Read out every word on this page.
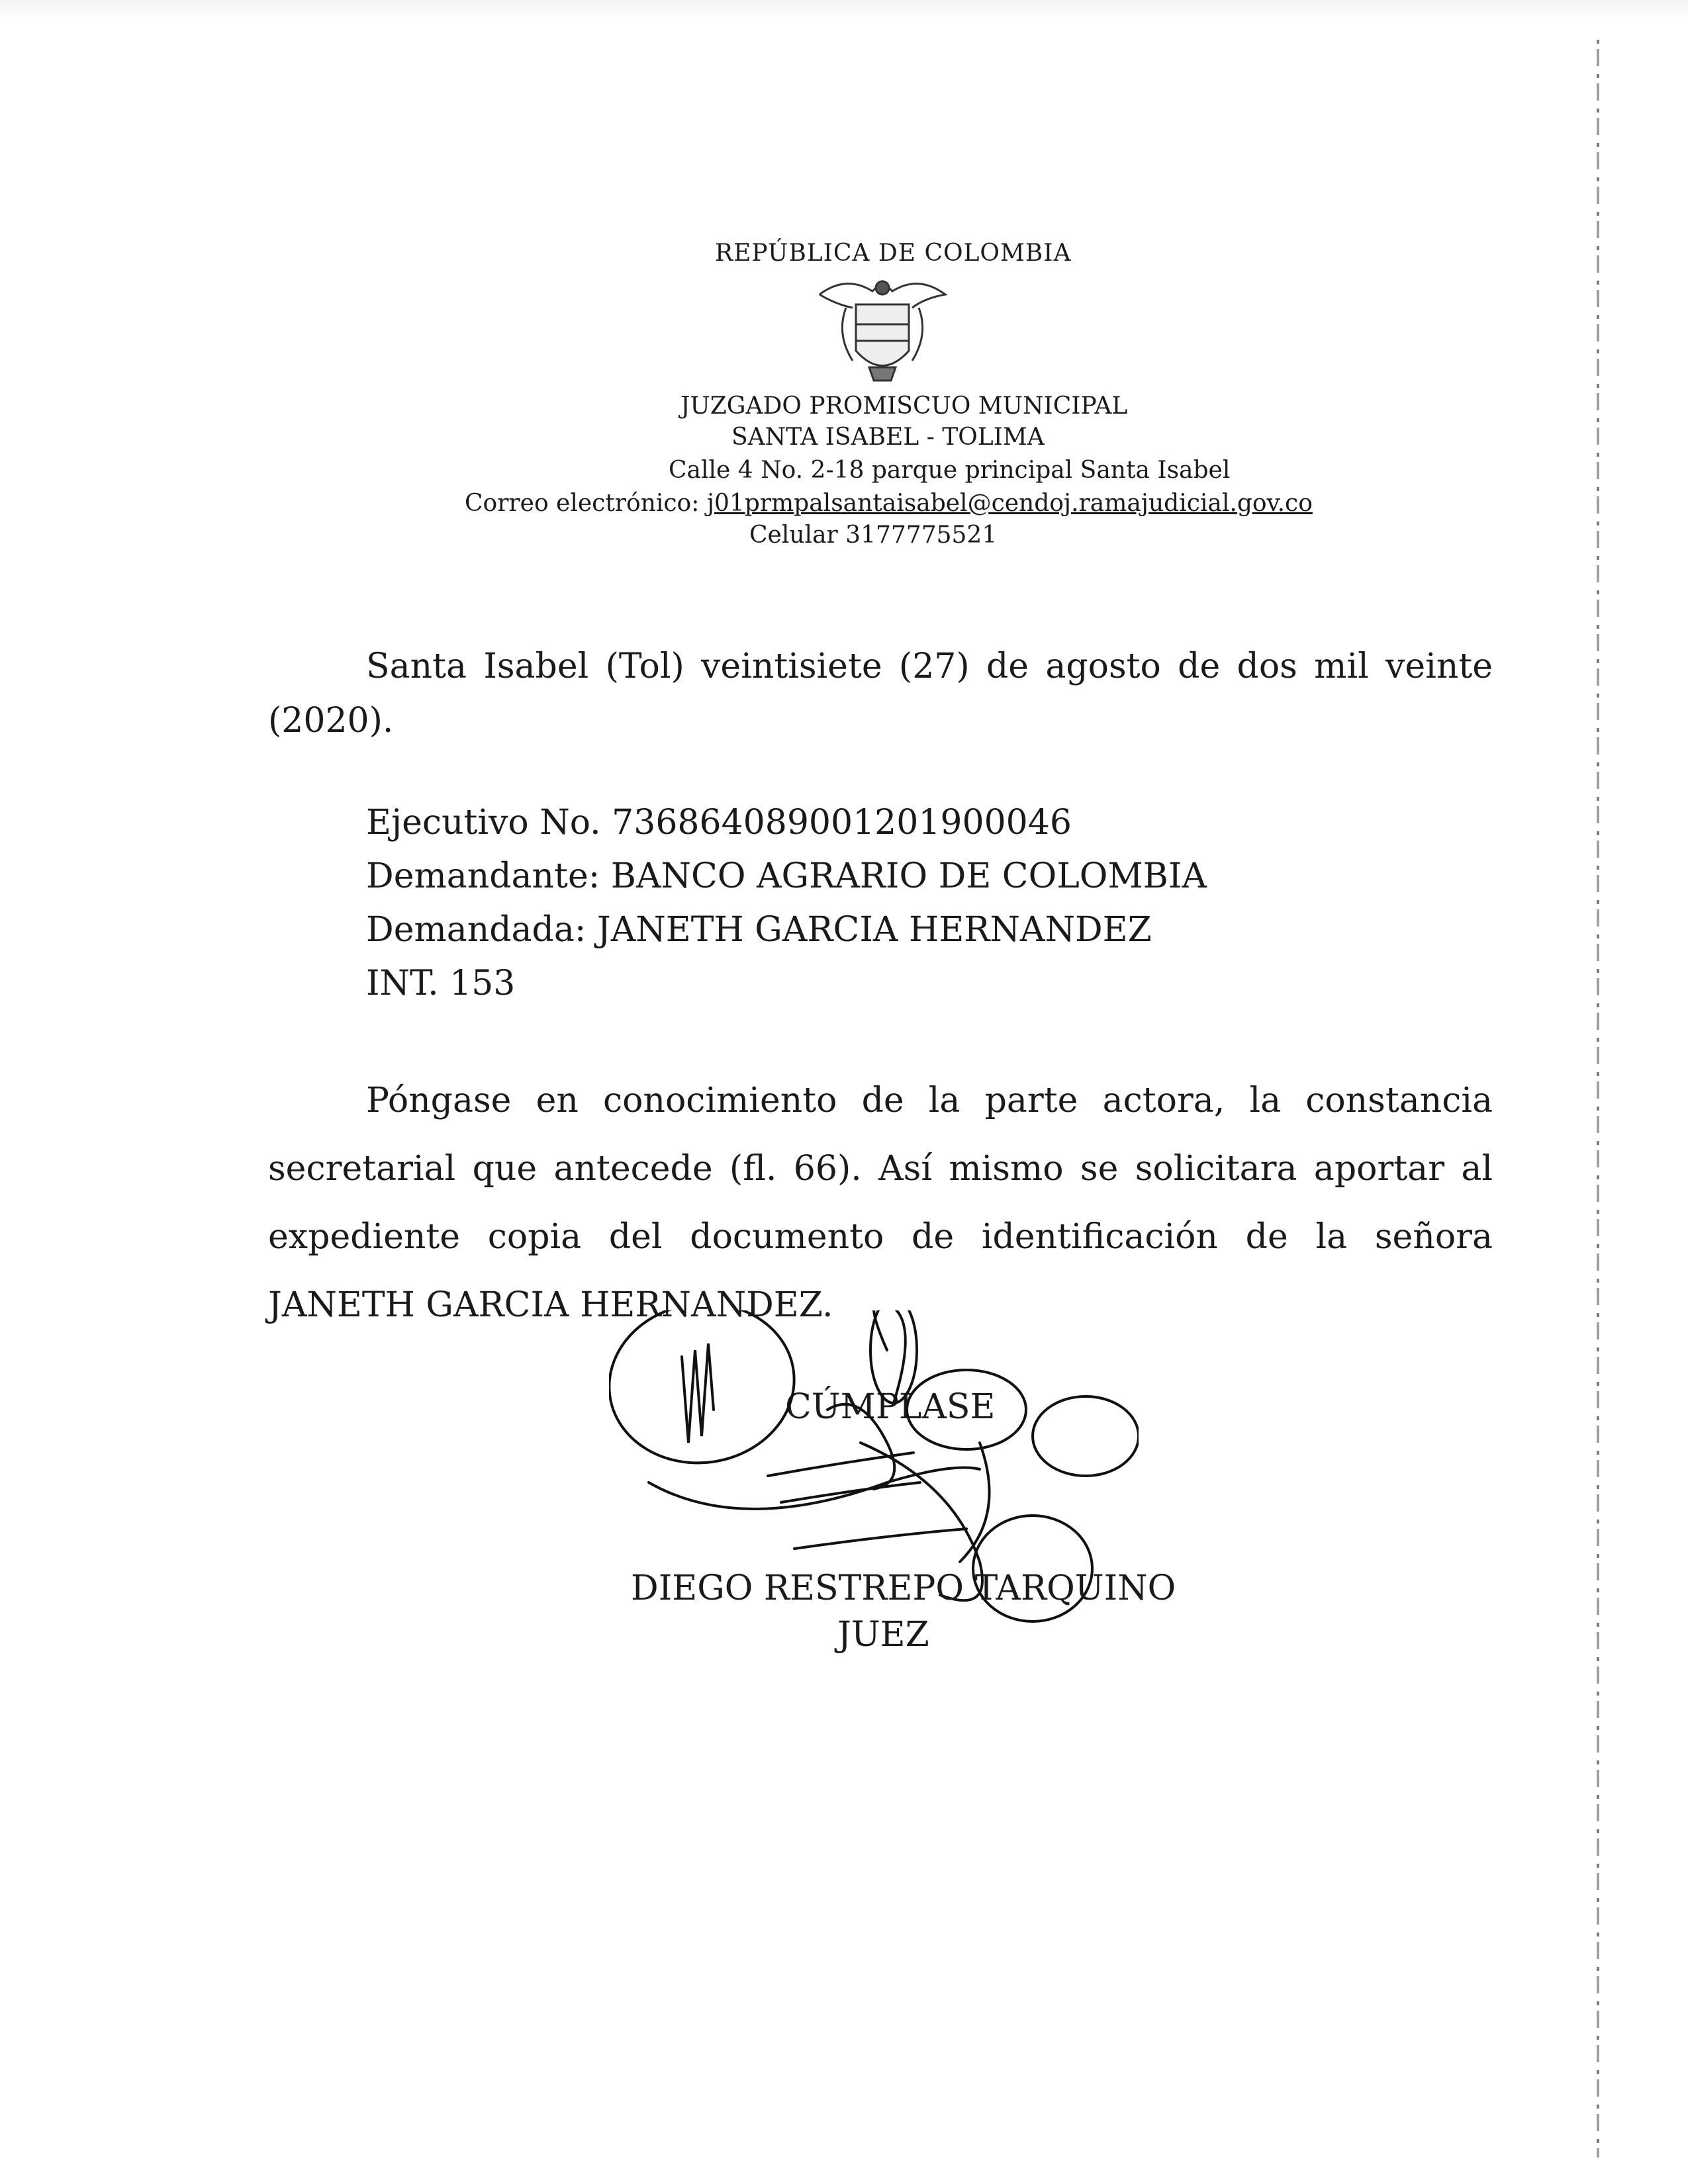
REPÚBLICA DE COLOMBIA
JUZGADO PROMISCUO MUNICIPAL
SANTA ISABEL - TOLIMA
Calle 4 No. 2-18 parque principal Santa Isabel
Correo electrónico: j01prmpalsantaisabel@cendoj.ramajudicial.gov.co
Celular 3177775521
Santa Isabel (Tol) veintisiete (27) de agosto de dos mil veinte (2020).
Ejecutivo No. 73686408900120190004​6
Demandante: BANCO AGRARIO DE COLOMBIA
Demandada: JANETH GARCIA HERNANDEZ
INT. 153
Póngase en conocimiento de la parte actora, la constancia secretarial que antecede (fl. 66). Así mismo se solicitara aportar al expediente copia del documento de identificación de la señora JANETH GARCIA HERNANDEZ.
CÚMPLASE
DIEGO RESTREPO TARQUINO
JUEZ
